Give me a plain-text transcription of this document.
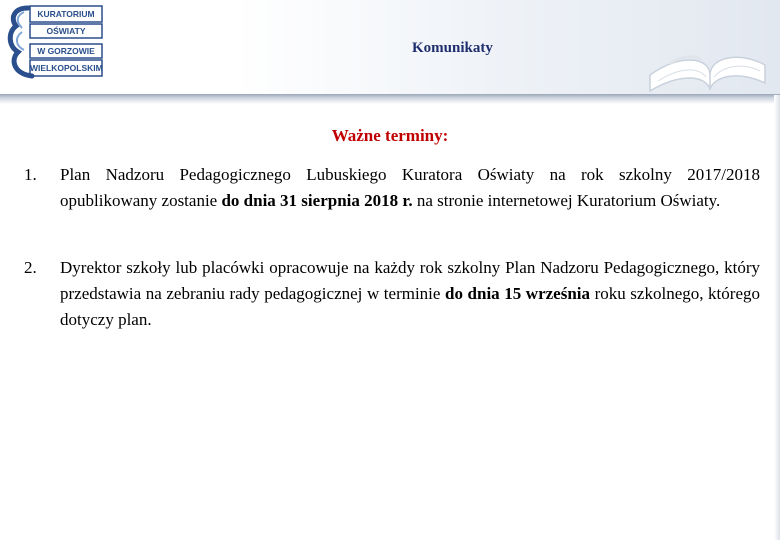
KURATORIUM
OŚWIATY
W GORZOWIE
WIELKOPOLSKIM
Komunikaty
Ważne terminy:
1. Plan Nadzoru Pedagogicznego Lubuskiego Kuratora Oświaty na rok szkolny 2017/2018 opublikowany zostanie do dnia 31 sierpnia 2018 r. na stronie internetowej Kuratorium Oświaty.
2. Dyrektor szkoły lub placówki opracowuje na każdy rok szkolny Plan Nadzoru Pedagogicznego, który przedstawia na zebraniu rady pedagogicznej w terminie do dnia 15 września roku szkolnego, którego dotyczy plan.
